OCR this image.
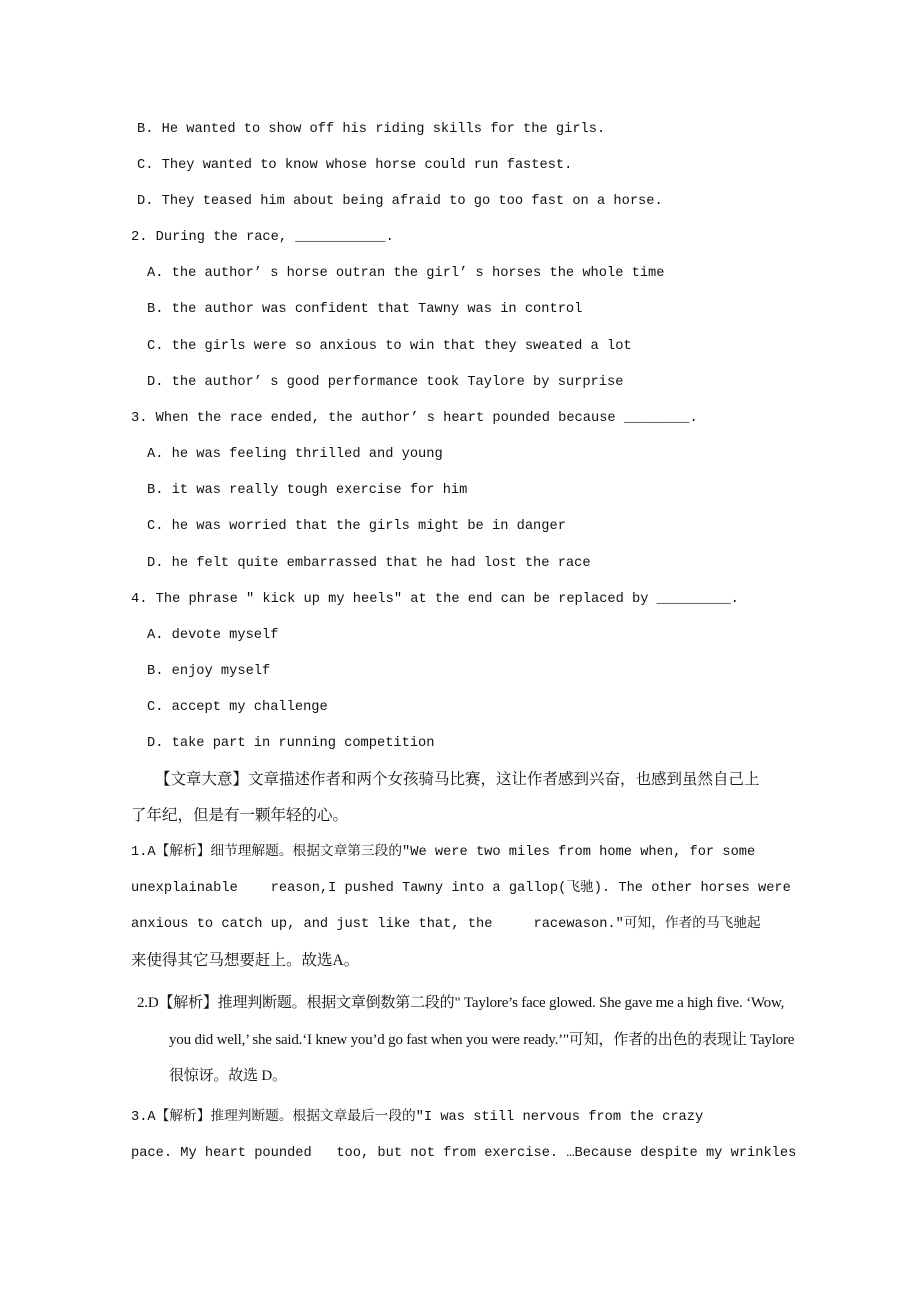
B. He wanted to show off his riding skills for the girls.
C. They wanted to know whose horse could run fastest.
D. They teased him about being afraid to go too fast on a horse.
2. During the race, ___________.
A. the author’ s horse outran the girl’ s horses the whole time
B. the author was confident that Tawny was in control
C. the girls were so anxious to win that they sweated a lot
D. the author’ s good performance took Taylore by surprise
3. When the race ended, the author’ s heart pounded because ________.
A. he was feeling thrilled and young
B. it was really tough exercise for him
C. he was worried that the girls might be in danger
D. he felt quite embarrassed that he had lost the race
4. The phrase " kick up my heels" at the end can be replaced by _________.
A. devote myself
B. enjoy myself
C. accept my challenge
D. take part in running competition
【文章大意】文章描述作者和两个女孩骑马比赛，这让作者感到兴奋，也感到虽然自己上
了年纪，但是有一颗年轻的心。
1.A【解析】细节理解题。根据文章第三段的"We were two miles from home when, for some
unexplainable    reason,I pushed Tawny into a gallop(飞驰). The other horses were
anxious to catch up, and just like that, the     racewason."可知，作者的马飞驰起
来使得其它马想要赶上。故选A。
2.D【解析】推理判断题。根据文章倒数第二段的" Taylore’s face glowed. She gave me a high five. ‘Wow,
you did well,’ she said.‘I knew you’d go fast when you were ready.’"可知，作者的出色的表现让 Taylore
很惊讶。故选 D。
3.A【解析】推理判断题。根据文章最后一段的"I was still nervous from the crazy
pace. My heart pounded   too, but not from exercise. …Because despite my wrinkles
